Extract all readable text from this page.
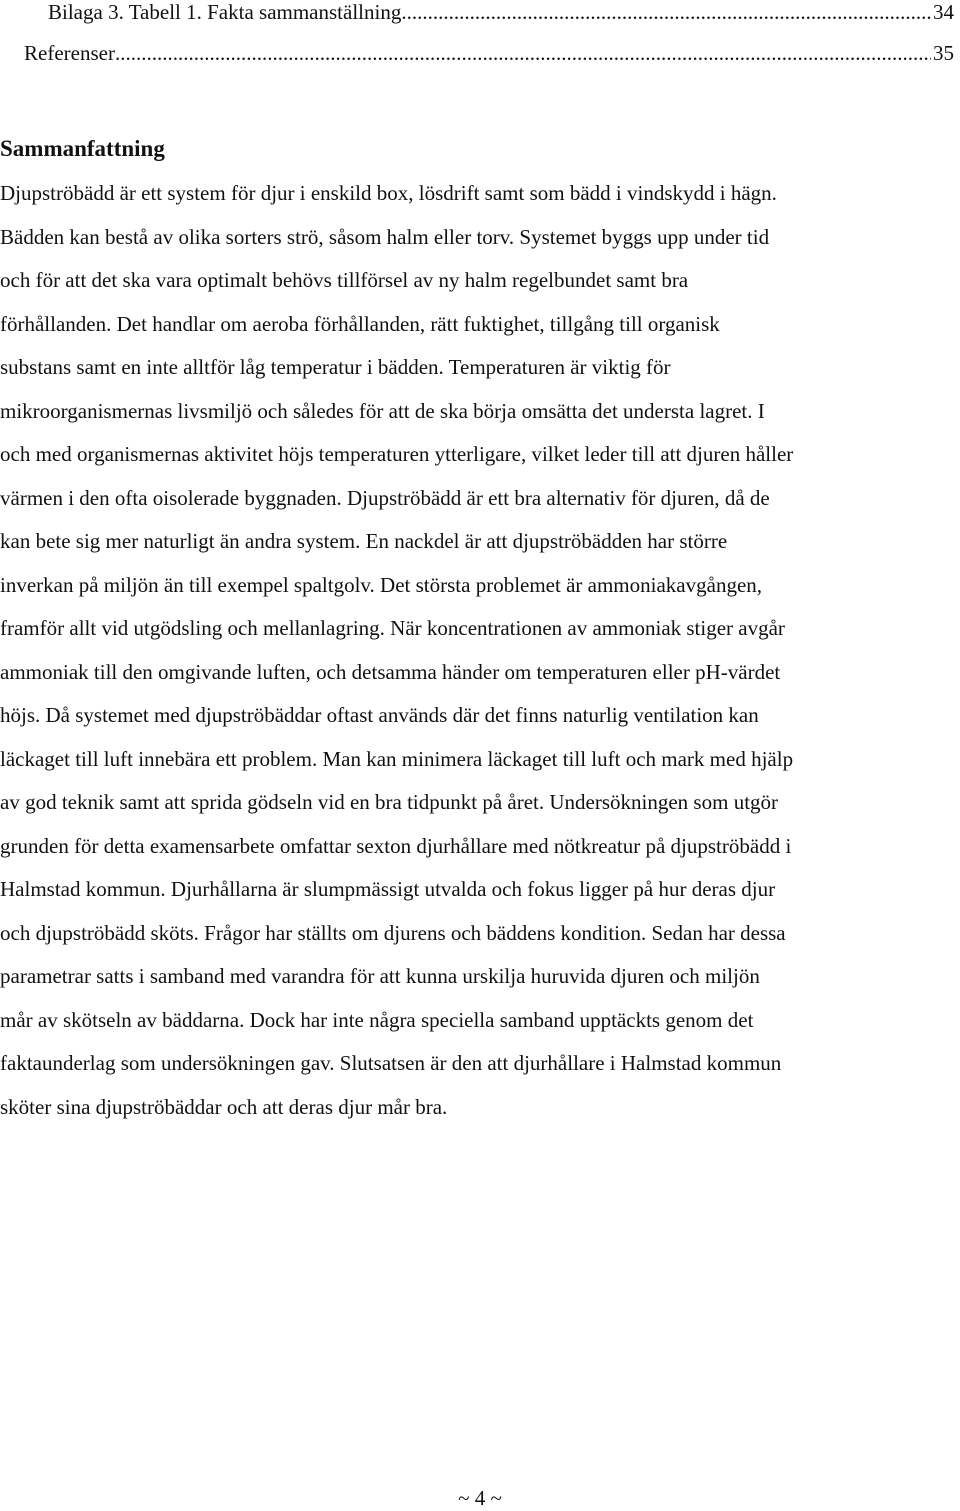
Bilaga 3. Tabell 1. Fakta sammanställning .....	34
Referenser .....	35
Sammanfattning

Djupströbädd är ett system för djur i enskild box, lösdrift samt som bädd i vindskydd i hägn.
Bädden kan bestå av olika sorters strö, såsom halm eller torv. Systemet byggs upp under tid
och för att det ska vara optimalt behövs tillförsel av ny halm regelbundet samt bra
förhållanden. Det handlar om aeroba förhållanden, rätt fuktighet, tillgång till organisk
substans samt en inte alltför låg temperatur i bädden. Temperaturen är viktig för
mikroorganismernas livsmiljö och således för att de ska börja omsätta det understa lagret. I
och med organismernas aktivitet höjs temperaturen ytterligare, vilket leder till att djuren håller
värmen i den ofta oisolerade byggnaden. Djupströbädd är ett bra alternativ för djuren, då de
kan bete sig mer naturligt än andra system. En nackdel är att djupströbädden har större
inverkan på miljön än till exempel spaltgolv. Det största problemet är ammoniakavgången,
framför allt vid utgödsling och mellanlagring. När koncentrationen av ammoniak stiger avgår
ammoniak till den omgivande luften, och detsamma händer om temperaturen eller pH-värdet
höjs. Då systemet med djupströbäddar oftast används där det finns naturlig ventilation kan
läckaget till luft innebära ett problem. Man kan minimera läckaget till luft och mark med hjälp
av god teknik samt att sprida gödseln vid en bra tidpunkt på året. Undersökningen som utgör
grunden för detta examensarbete omfattar sexton djurhållare med nötkreatur på djupströbädd i
Halmstad kommun. Djurhållarna är slumpmässigt utvalda och fokus ligger på hur deras djur
och djupströbädd sköts. Frågor har ställts om djurens och bäddens kondition. Sedan har dessa
parametrar satts i samband med varandra för att kunna urskilja huruvida djuren och miljön
mår av skötseln av bäddarna. Dock har inte några speciella samband upptäckts genom det
faktaunderlag som undersökningen gav. Slutsatsen är den att djurhållare i Halmstad kommun
sköter sina djupströbäddar och att deras djur mår bra.

~ 4 ~
